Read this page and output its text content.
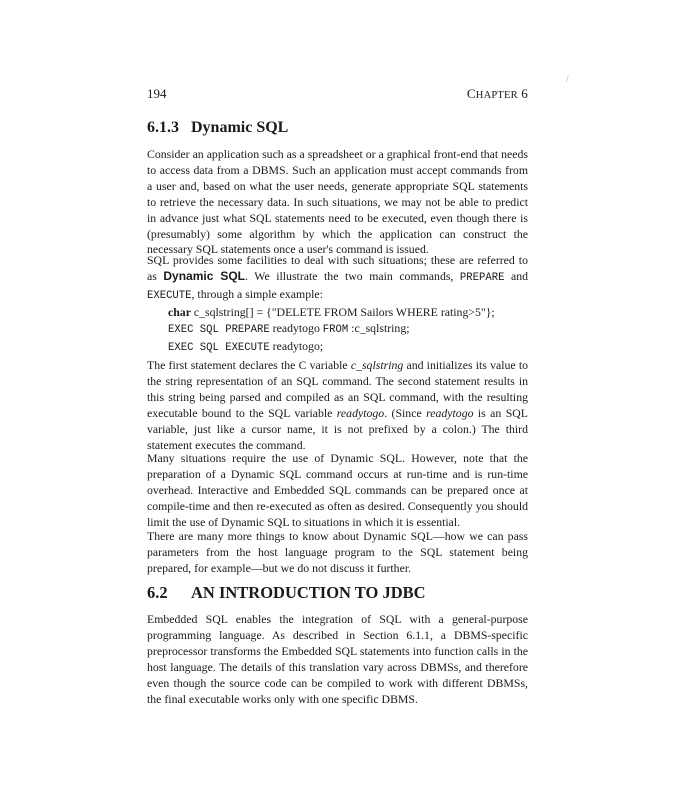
194	CHAPTER 6
/
6.1.3 Dynamic SQL

Consider an application such as a spreadsheet or a graphical front-end that needs to access data from a DBMS. Such an application must accept commands from a user and, based on what the user needs, generate appropriate SQL statements to retrieve the necessary data. In such situations, we may not be able to predict in advance just what SQL statements need to be executed, even though there is (presumably) some algorithm by which the application can construct the necessary SQL statements once a user's command is issued.

SQL provides some facilities to deal with such situations; these are referred to as Dynamic SQL. We illustrate the two main commands, PREPARE and EXECUTE, through a simple example:

char c_sqlstring[] = {"DELETE FROM Sailors WHERE rating>5"};
EXEC SQL PREPARE readytogo FROM :c_sqlstring;
EXEC SQL EXECUTE readytogo;

The first statement declares the C variable c_sqlstring and initializes its value to the string representation of an SQL command. The second statement results in this string being parsed and compiled as an SQL command, with the resulting executable bound to the SQL variable readytogo. (Since readytogo is an SQL variable, just like a cursor name, it is not prefixed by a colon.) The third statement executes the command.

Many situations require the use of Dynamic SQL. However, note that the preparation of a Dynamic SQL command occurs at run-time and is run-time overhead. Interactive and Embedded SQL commands can be prepared once at compile-time and then re-executed as often as desired. Consequently you should limit the use of Dynamic SQL to situations in which it is essential.

There are many more things to know about Dynamic SQL—how we can pass parameters from the host language program to the SQL statement being prepared, for example—but we do not discuss it further.

6.2 AN INTRODUCTION TO JDBC

Embedded SQL enables the integration of SQL with a general-purpose programming language. As described in Section 6.1.1, a DBMS-specific preprocessor transforms the Embedded SQL statements into function calls in the host language. The details of this translation vary across DBMSs, and therefore even though the source code can be compiled to work with different DBMSs, the final executable works only with one specific DBMS.
